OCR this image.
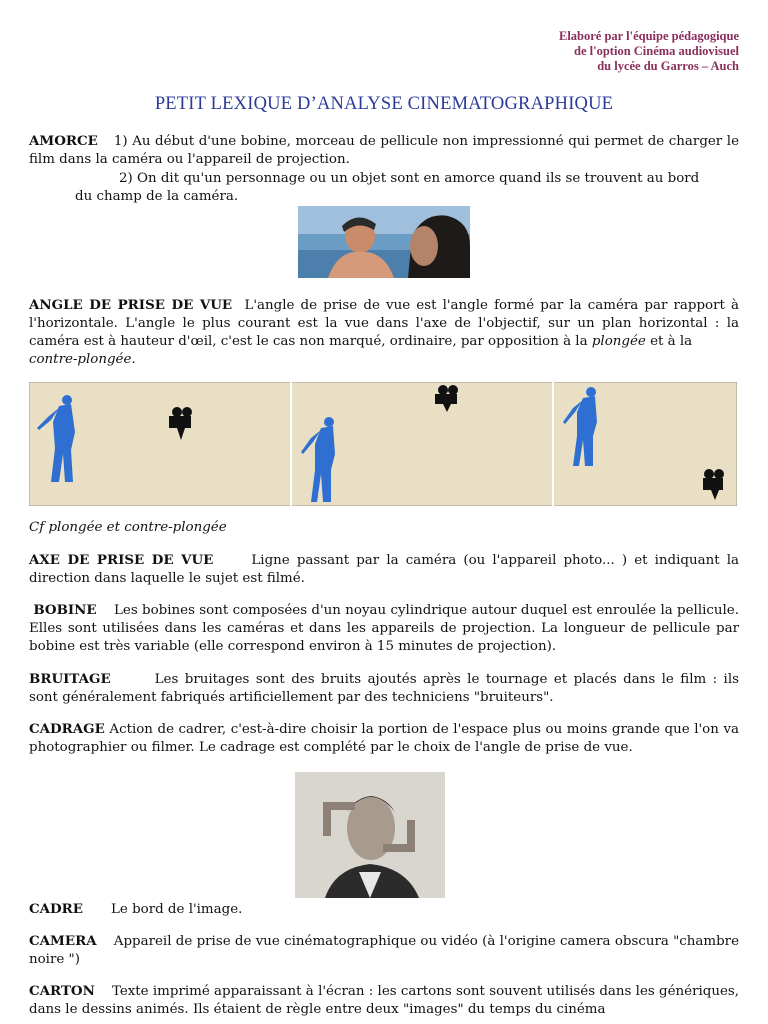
Elaboré par l'équipe pédagogique
de l'option Cinéma audiovisuel
du lycée du Garros – Auch
PETIT LEXIQUE D’ANALYSE CINEMATOGRAPHIQUE
AMORCE 1) Au début d'une bobine, morceau de pellicule non impressionné qui permet de charger le film dans la caméra ou l'appareil de projection.
2) On dit qu'un personnage ou un objet sont en amorce quand ils se trouvent au bord
du champ de la caméra.
ANGLE DE PRISE DE VUE L'angle de prise de vue est l'angle formé par la caméra par rapport à l'horizontale. L'angle le plus courant est la vue dans l'axe de l'objectif, sur un plan horizontal : la caméra est à hauteur d'œil, c'est le cas non marqué, ordinaire, par opposition à la plongée et à la
contre-plongée.
Cf plongée et contre-plongée
AXE DE PRISE DE VUE	Ligne passant par la caméra (ou l'appareil photo... ) et indiquant la direction dans laquelle le sujet est filmé.
BOBINE Les bobines sont composées d'un noyau cylindrique autour duquel est enroulée la pellicule. Elles sont utilisées dans les caméras et dans les appareils de projection. La longueur de pellicule par bobine est très variable (elle correspond environ à 15 minutes de projection).
BRUITAGE	Les bruitages sont des bruits ajoutés après le tournage et placés dans le film : ils sont généralement fabriqués artificiellement par des techniciens "bruiteurs".
CADRAGE Action de cadrer, c'est-à-dire choisir la portion de l'espace plus ou moins grande que l'on va photographier ou filmer. Le cadrage est complété par le choix de l'angle de prise de vue.
CADRE Le bord de l'image.
CAMERA Appareil de prise de vue cinématographique ou vidéo (à l'origine camera obscura "chambre noire ")
CARTON Texte imprimé apparaissant à l'écran : les cartons sont souvent utilisés dans les génériques, dans le dessins animés. Ils étaient de règle entre deux "images" du temps du cinéma
